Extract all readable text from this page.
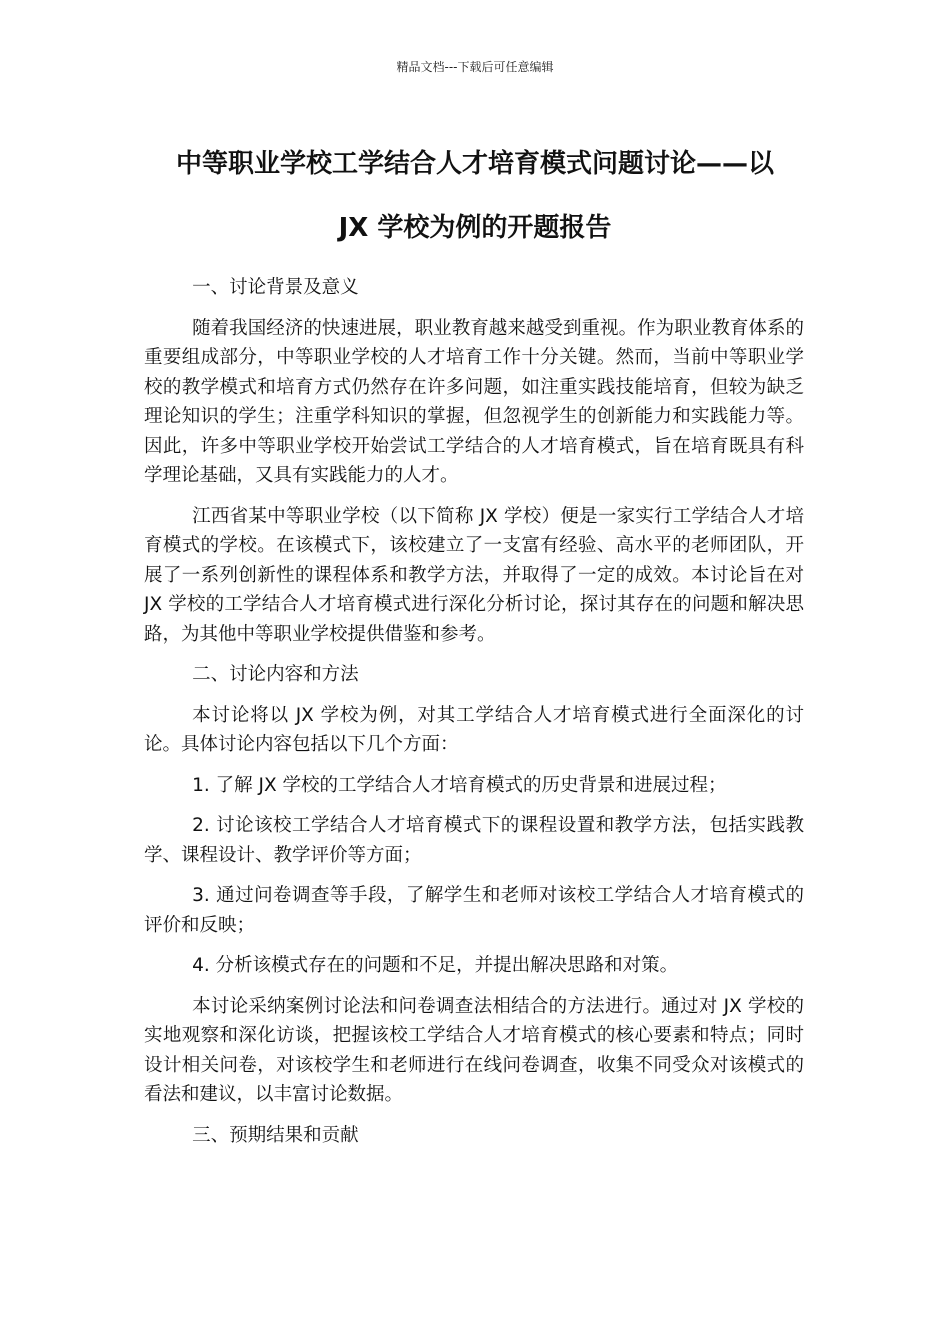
精品文档---下载后可任意编辑
中等职业学校工学结合人才培育模式问题讨论——以
JX 学校为例的开题报告

一、讨论背景及意义

随着我国经济的快速进展，职业教育越来越受到重视。作为职业教育体系的重要组成部分，中等职业学校的人才培育工作十分关键。然而，当前中等职业学校的教学模式和培育方式仍然存在许多问题，如注重实践技能培育，但较为缺乏理论知识的学生；注重学科知识的掌握，但忽视学生的创新能力和实践能力等。因此，许多中等职业学校开始尝试工学结合的人才培育模式，旨在培育既具有科学理论基础，又具有实践能力的人才。

江西省某中等职业学校（以下简称 JX 学校）便是一家实行工学结合人才培育模式的学校。在该模式下，该校建立了一支富有经验、高水平的老师团队，开展了一系列创新性的课程体系和教学方法，并取得了一定的成效。本讨论旨在对 JX 学校的工学结合人才培育模式进行深化分析讨论，探讨其存在的问题和解决思路，为其他中等职业学校提供借鉴和参考。

二、讨论内容和方法

本讨论将以 JX 学校为例，对其工学结合人才培育模式进行全面深化的讨论。具体讨论内容包括以下几个方面：

1. 了解 JX 学校的工学结合人才培育模式的历史背景和进展过程；

2. 讨论该校工学结合人才培育模式下的课程设置和教学方法，包括实践教学、课程设计、教学评价等方面；

3. 通过问卷调查等手段，了解学生和老师对该校工学结合人才培育模式的评价和反映；

4. 分析该模式存在的问题和不足，并提出解决思路和对策。

本讨论采纳案例讨论法和问卷调查法相结合的方法进行。通过对 JX 学校的实地观察和深化访谈，把握该校工学结合人才培育模式的核心要素和特点；同时设计相关问卷，对该校学生和老师进行在线问卷调查，收集不同受众对该模式的看法和建议，以丰富讨论数据。

三、预期结果和贡献
